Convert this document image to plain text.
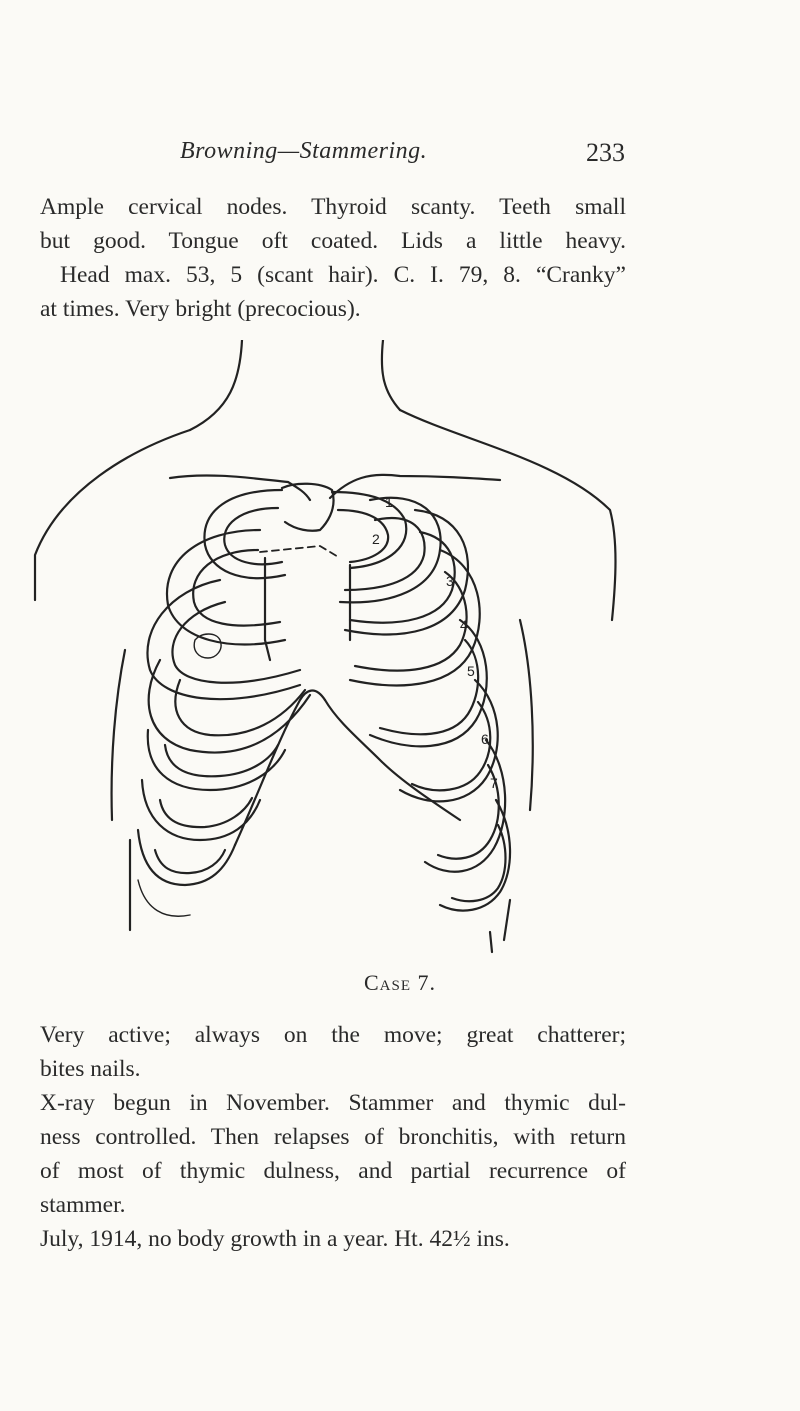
Browning—Stammering.	233
Ample cervical nodes. Thyroid scanty. Teeth small
but good. Tongue oft coated. Lids a little heavy.
Head max. 53, 5 (scant hair). C. I. 79, 8. “Cranky”
at times. Very bright (precocious).
1
2
3
4
5
6
7
Case 7.
Very active; always on the move; great chatterer;
bites nails.
X-ray begun in November. Stammer and thymic dul-
ness controlled. Then relapses of bronchitis, with return
of most of thymic dulness, and partial recurrence of
stammer.
July, 1914, no body growth in a year. Ht. 42½ ins.
